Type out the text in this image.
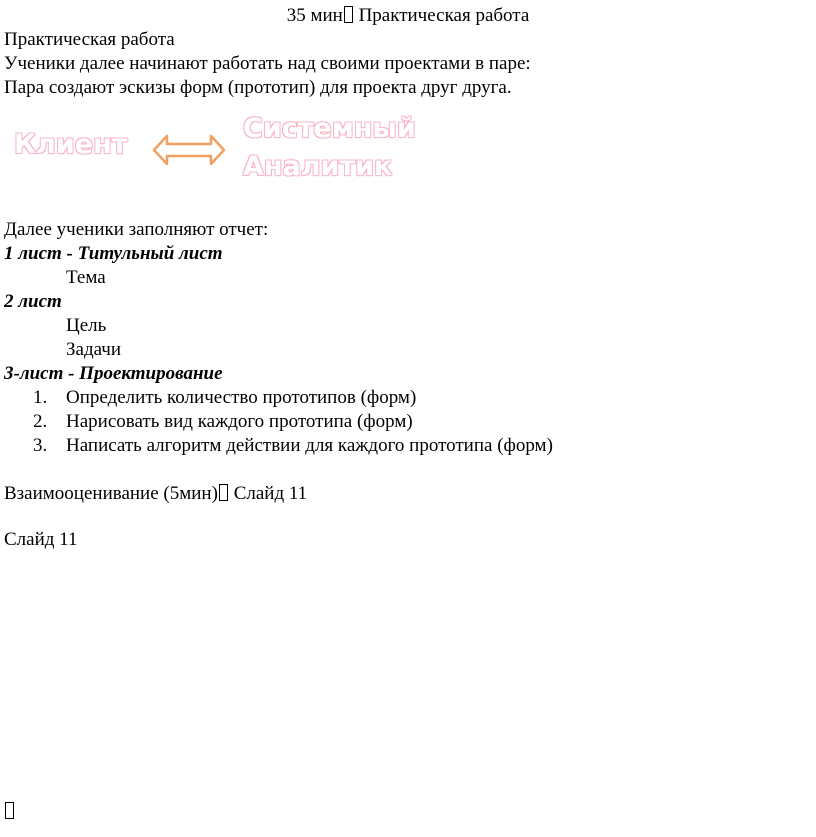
35 мин Практическая работа
Практическая работа
Ученики далее начинают работать над своими проектами в паре:
Пара создают эскизы форм (прототип) для проекта друг друга.
Клиент
Системный
Аналитик
Далее ученики заполняют отчет:
1 лист - Титульный лист
Тема
2 лист
Цель
Задачи
3-лист - Проектирование
1. Определить количество прототипов (форм)
2. Нарисовать вид каждого прототипа (форм)
3. Написать алгоритм действии для каждого прототипа (форм)
Взаимооценивание (5мин) Слайд 11
Слайд 11
